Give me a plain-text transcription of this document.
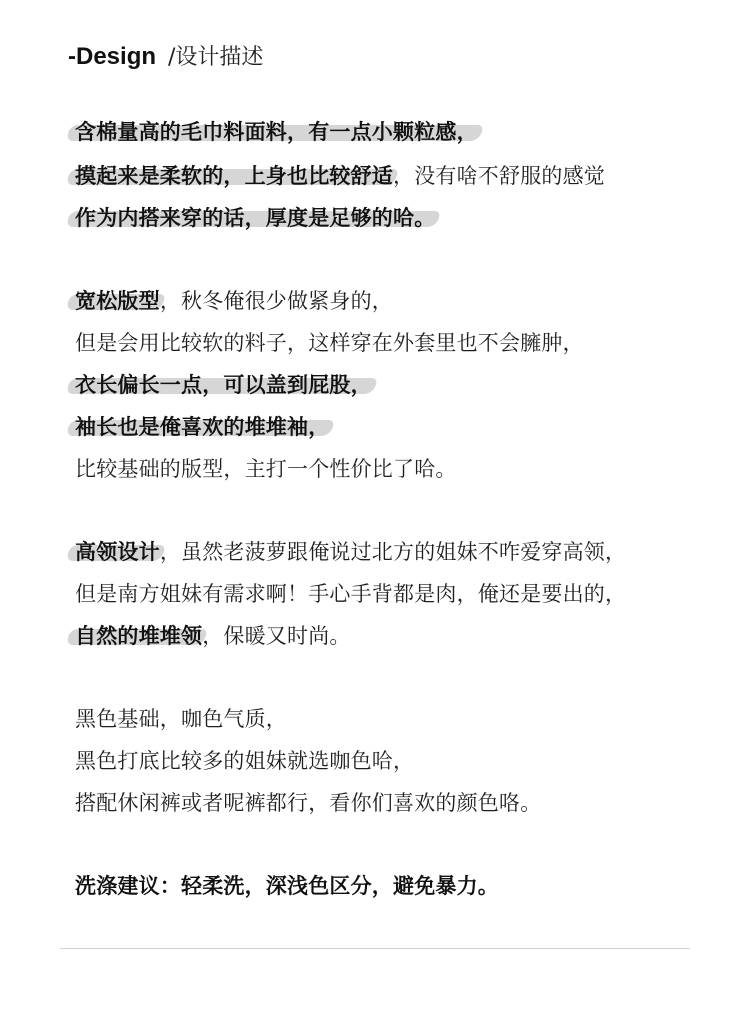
-Design /设计描述
含棉量高的毛巾料面料，有一点小颗粒感，
摸起来是柔软的，上身也比较舒适，没有啥不舒服的感觉
作为内搭来穿的话，厚度是足够的哈。
宽松版型，秋冬俺很少做紧身的，
但是会用比较软的料子，这样穿在外套里也不会臃肿，
衣长偏长一点，可以盖到屁股，
袖长也是俺喜欢的堆堆袖，
比较基础的版型，主打一个性价比了哈。
高领设计，虽然老菠萝跟俺说过北方的姐妹不咋爱穿高领，
但是南方姐妹有需求啊！手心手背都是肉，俺还是要出的，
自然的堆堆领，保暖又时尚。
黑色基础，咖色气质，
黑色打底比较多的姐妹就选咖色哈，
搭配休闲裤或者呢裤都行，看你们喜欢的颜色咯。
洗涤建议：轻柔洗，深浅色区分，避免暴力。
